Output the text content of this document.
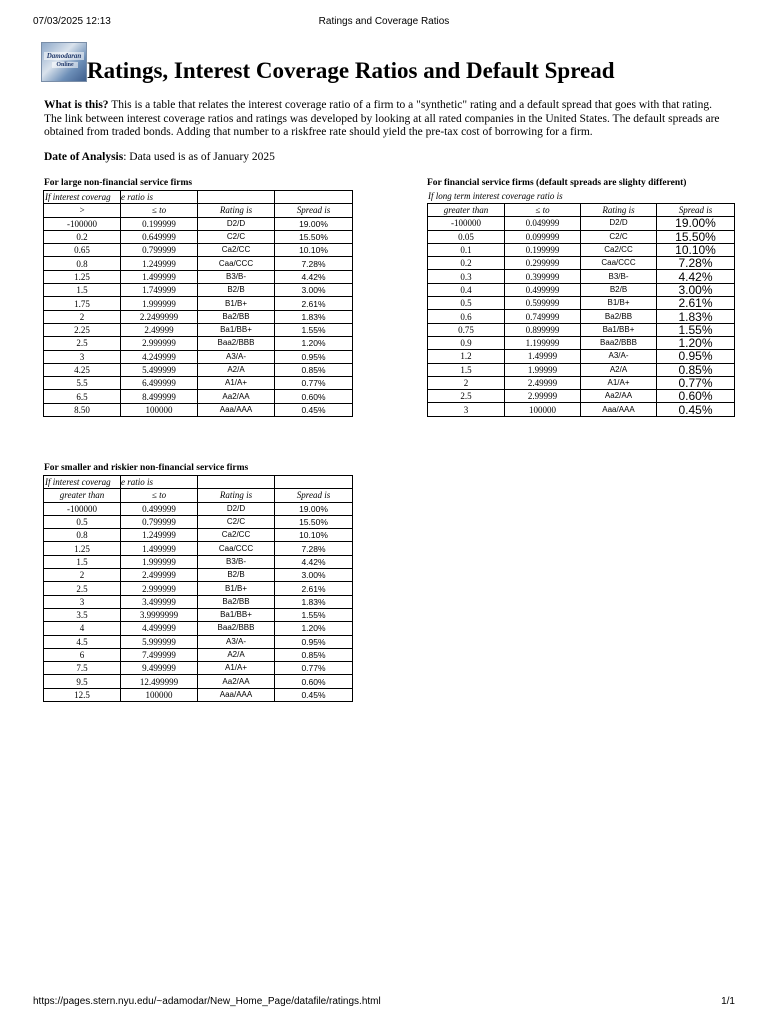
07/03/2025 12:13	Ratings and Coverage Ratios
Damodaran
Online Ratings, Interest Coverage Ratios and Default Spread

What is this? This is a table that relates the interest coverage ratio of a firm to a "synthetic" rating and a default spread that goes with that rating. The link between interest coverage ratios and ratings was developed by looking at all rated companies in the United States. The default spreads are obtained from traded bonds. Adding that number to a riskfree rate should yield the pre-tax cost of borrowing for a firm.

Date of Analysis: Data used is as of January 2025

For large non-financial service firms
If interest coverag	e ratio is		
>	≤ to	Rating is	Spread is
-100000	0.199999	D2/D	19.00%
0.2	0.649999	C2/C	15.50%
0.65	0.799999	Ca2/CC	10.10%
0.8	1.249999	Caa/CCC	7.28%
1.25	1.499999	B3/B-	4.42%
1.5	1.749999	B2/B	3.00%
1.75	1.999999	B1/B+	2.61%
2	2.2499999	Ba2/BB	1.83%
2.25	2.49999	Ba1/BB+	1.55%
2.5	2.999999	Baa2/BBB	1.20%
3	4.249999	A3/A-	0.95%
4.25	5.499999	A2/A	0.85%
5.5	6.499999	A1/A+	0.77%
6.5	8.499999	Aa2/AA	0.60%
8.50	100000	Aaa/AAA	0.45%
For financial service firms (default spreads are slighty different)
If long term interest coverage ratio is
greater than	≤ to	Rating is	Spread is
-100000	0.049999	D2/D	19.00%
0.05	0.099999	C2/C	15.50%
0.1	0.199999	Ca2/CC	10.10%
0.2	0.299999	Caa/CCC	7.28%
0.3	0.399999	B3/B-	4.42%
0.4	0.499999	B2/B	3.00%
0.5	0.599999	B1/B+	2.61%
0.6	0.749999	Ba2/BB	1.83%
0.75	0.899999	Ba1/BB+	1.55%
0.9	1.199999	Baa2/BBB	1.20%
1.2	1.49999	A3/A-	0.95%
1.5	1.99999	A2/A	0.85%
2	2.49999	A1/A+	0.77%
2.5	2.99999	Aa2/AA	0.60%
3	100000	Aaa/AAA	0.45%
For smaller and riskier non-financial service firms
If interest coverag	e ratio is		
greater than	≤ to	Rating is	Spread is
-100000	0.499999	D2/D	19.00%
0.5	0.799999	C2/C	15.50%
0.8	1.249999	Ca2/CC	10.10%
1.25	1.499999	Caa/CCC	7.28%
1.5	1.999999	B3/B-	4.42%
2	2.499999	B2/B	3.00%
2.5	2.999999	B1/B+	2.61%
3	3.499999	Ba2/BB	1.83%
3.5	3.9999999	Ba1/BB+	1.55%
4	4.499999	Baa2/BBB	1.20%
4.5	5.999999	A3/A-	0.95%
6	7.499999	A2/A	0.85%
7.5	9.499999	A1/A+	0.77%
9.5	12.499999	Aa2/AA	0.60%
12.5	100000	Aaa/AAA	0.45%
https://pages.stern.nyu.edu/~adamodar/New_Home_Page/datafile/ratings.html	1/1
